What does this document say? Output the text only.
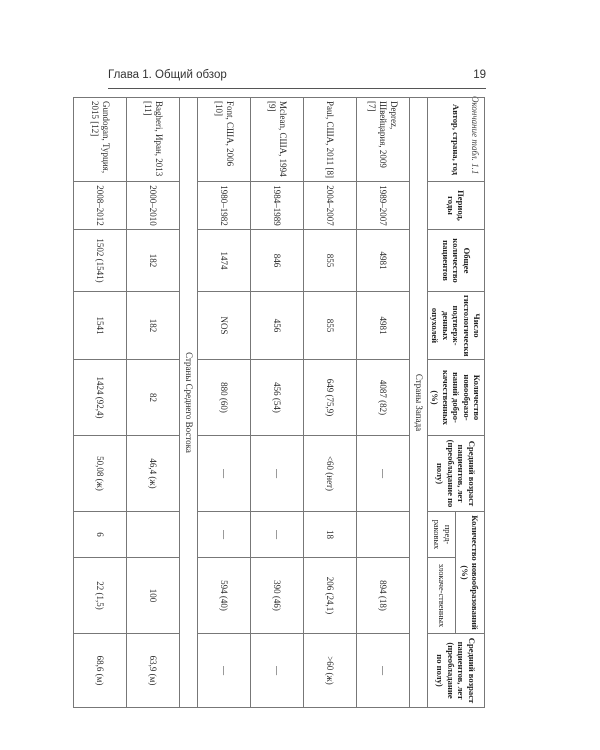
Глава 1. Общий обзор	19
Окончание табл. 1.1
Автор, страна, год	Период, годы	Общее количество пациентов	Число гистологически подтверж-денных опухолей	Количество новообразо-ваний добро-качественных (%)	Средний возраст пациентов, лет (преобладание по полу)	Количество новообразований (%)		Средний возраст пациентов, лет (преобладание по полу)
						пред-раковых	злокаче-ственных	
Страны Запада								
Deprez, Швейцария, 2009 [7]	1989–2007	4981	4981	4087 (82)	—		894 (18)	—
Paul, США, 2011 [8]	2004–2007	855	855	649 (75,9)	<60 (нет)	18	206 (24,1)	>60 (ж)
Mclean, США, 1994 [9]	1984–1989	846	456	456 (54)	—	—	390 (46)	—
Font, США, 2006 [10]	1980–1982	1474	NOS	880 (60)	—	—	594 (40)	—
Страны Среднего Востока								
Bagheri, Иран, 2013 [11]	2000–2010	182	182	82	46,4 (ж)		100	63,9 (м)
Gundogan, Турция, 2015 [12]	2008–2012	1502 (1541)	1541	1424 (92,4)	50,08 (ж)	6	22 (1,5)	68,6 (м)
